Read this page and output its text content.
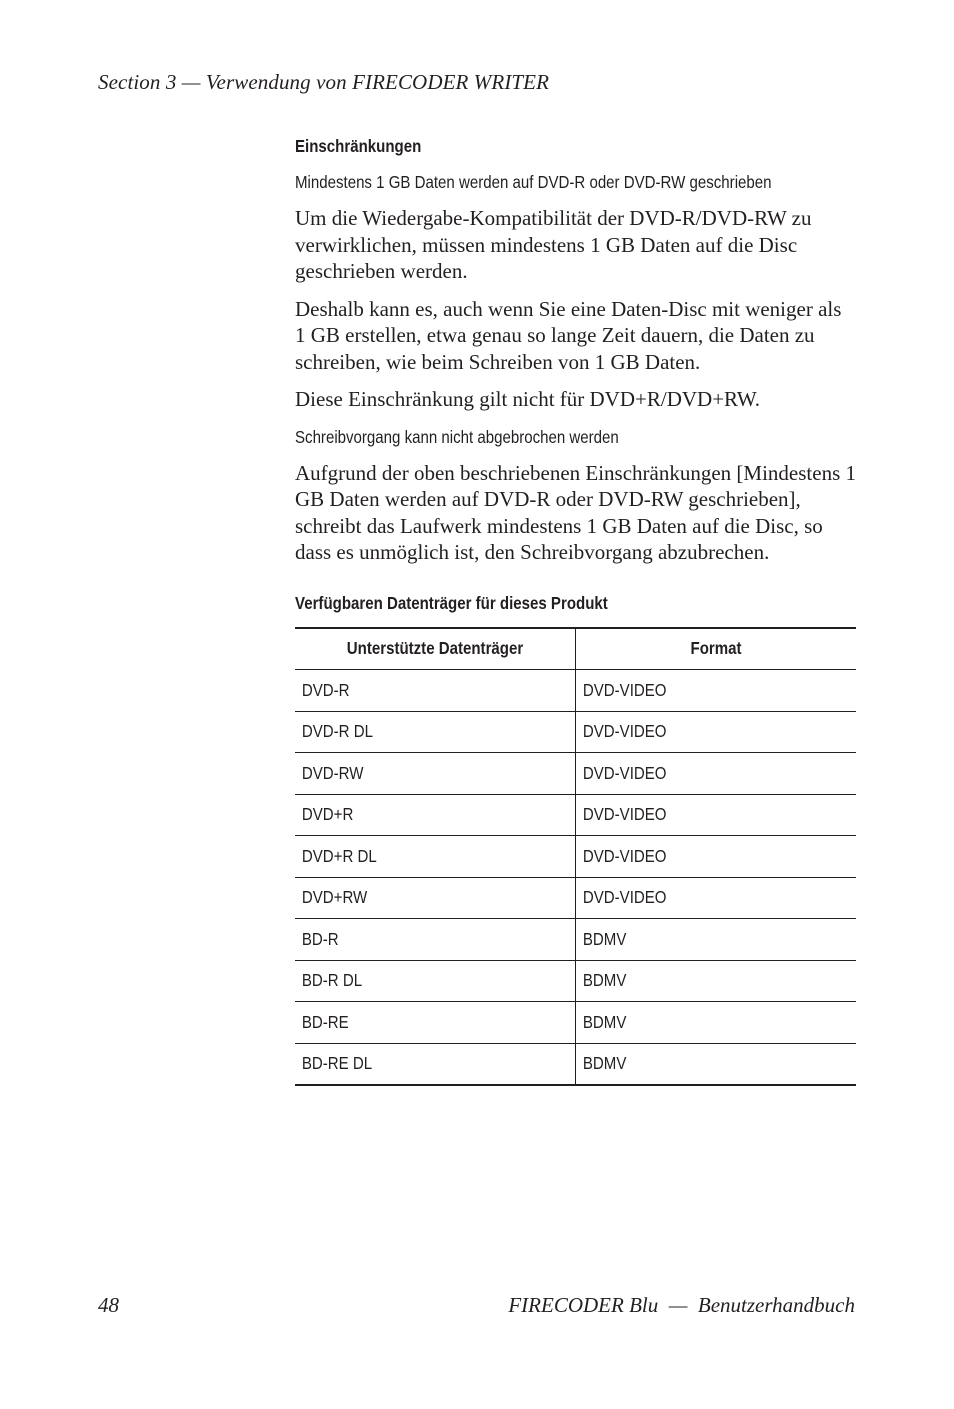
Section 3 — Verwendung von FIRECODER WRITER

Einschränkungen

Mindestens 1 GB Daten werden auf DVD-R oder DVD-RW geschrieben

Um die Wiedergabe-Kompatibilität der DVD-R/DVD-RW zu verwirklichen, müssen mindestens 1 GB Daten auf die Disc geschrieben werden.

Deshalb kann es, auch wenn Sie eine Daten-Disc mit weniger als 1 GB erstellen, etwa genau so lange Zeit dauern, die Daten zu schreiben, wie beim Schreiben von 1 GB Daten.

Diese Einschränkung gilt nicht für DVD+R/DVD+RW.

Schreibvorgang kann nicht abgebrochen werden

Aufgrund der oben beschriebenen Einschränkungen [Mindestens 1 GB Daten werden auf DVD-R oder DVD-RW geschrieben], schreibt das Laufwerk mindestens 1 GB Daten auf die Disc, so dass es unmöglich ist, den Schreibvorgang abzubrechen.

Verfügbaren Datenträger für dieses Produkt

Unterstützte Datenträger	Format

DVD-R	DVD-VIDEO

DVD-R DL	DVD-VIDEO

DVD-RW	DVD-VIDEO

DVD+R	DVD-VIDEO

DVD+R DL	DVD-VIDEO

DVD+RW	DVD-VIDEO

BD-R	BDMV

BD-R DL	BDMV

BD-RE	BDMV

BD-RE DL	BDMV
48	FIRECODER Blu  —  Benutzerhandbuch
